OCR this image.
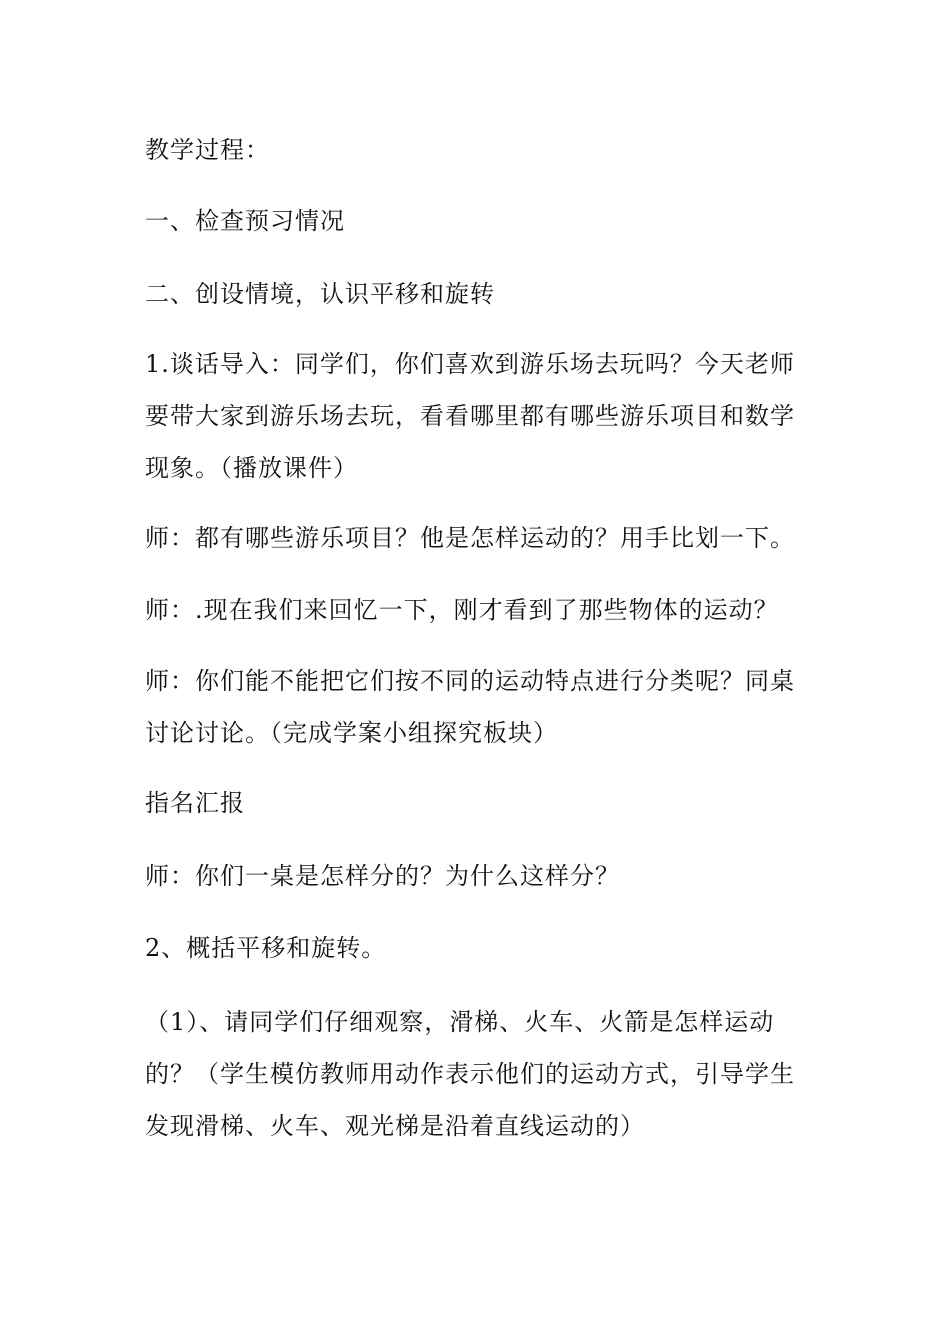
教学过程：

一、检查预习情况

二、创设情境，认识平移和旋转

1.谈话导入：同学们，你们喜欢到游乐场去玩吗？今天老师要带大家到游乐场去玩，看看哪里都有哪些游乐项目和数学现象。（播放课件）

师：都有哪些游乐项目？他是怎样运动的？用手比划一下。

师：.现在我们来回忆一下，刚才看到了那些物体的运动？

师：你们能不能把它们按不同的运动特点进行分类呢？同桌讨论讨论。（完成学案小组探究板块）

指名汇报

师：你们一桌是怎样分的？为什么这样分？

2、概括平移和旋转。

（1）、请同学们仔细观察，滑梯、火车、火箭是怎样运动的？（学生模仿教师用动作表示他们的运动方式，引导学生发现滑梯、火车、观光梯是沿着直线运动的）
